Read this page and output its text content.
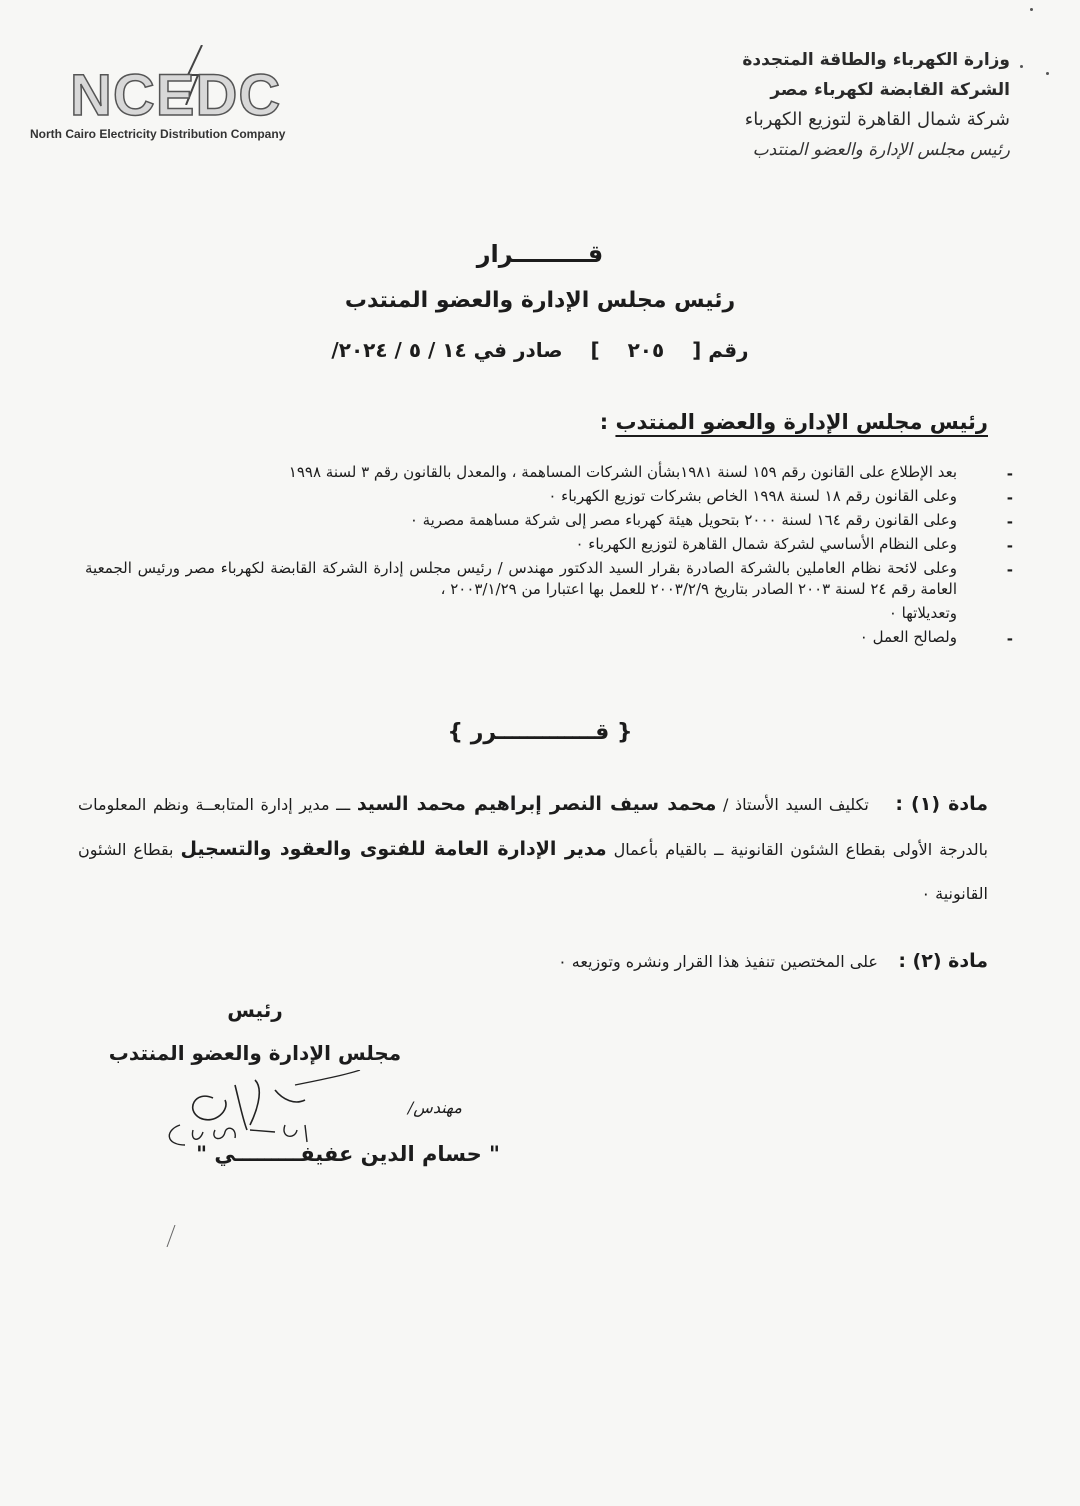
NCEDC
North Cairo Electricity Distribution Company
وزارة الكهرباء والطاقة المتجددة
الشركة القابضة لكهرباء مصر
شركة شمال القاهرة لتوزيع الكهرباء
رئيس مجلس الإدارة والعضو المنتدب
قـــــــــرار
رئيس مجلس الإدارة والعضو المنتدب
رقم [  ٢٠٥  ]  صادر في ١٤ / ٥ / ٢٠٢٤/
رئيس مجلس الإدارة والعضو المنتدب :
- بعد الإطلاع على القانون رقم ١٥٩ لسنة ١٩٨١بشأن الشركات المساهمة ، والمعدل بالقانون رقم ٣ لسنة ١٩٩٨
- وعلى القانون رقم ١٨ لسنة ١٩٩٨ الخاص بشركات توزيع الكهرباء ٠
- وعلى القانون رقم ١٦٤ لسنة ٢٠٠٠ بتحويل هيئة كهرباء مصر إلى شركة مساهمة مصرية ٠
- وعلى النظام الأساسي لشركة شمال القاهرة لتوزيع الكهرباء ٠
- وعلى لائحة نظام العاملين بالشركة الصادرة بقرار السيد الدكتور مهندس / رئيس مجلس إدارة الشركة القابضة لكهرباء مصر ورئيس الجمعية العامة رقم ٢٤ لسنة ٢٠٠٣ الصادر بتاريخ ٢٠٠٣/٢/٩ للعمل بها اعتبارا من ٢٠٠٣/١/٢٩ ،
وتعديلاتها ٠
- ولصالح العمل ٠
{ قـــــــــــــرر }

مادة (١) :    تكليف السيد الأستاذ / محمد سيف النصر إبراهيم محمد السيد ـــ مدير إدارة المتابعــة ونظم المعلومات بالدرجة الأولى بقطاع الشئون القانونية ــ بالقيام بأعمال مدير الإدارة العامة للفتوى والعقود والتسجيل بقطاع الشئون القانونية ٠

مادة (٢) :    على المختصين تنفيذ هذا القرار ونشره وتوزيعه ٠
رئيس
مجلس الإدارة والعضو المنتدب
مهندس/
" حسام الدين عفيفـــــــــي "
